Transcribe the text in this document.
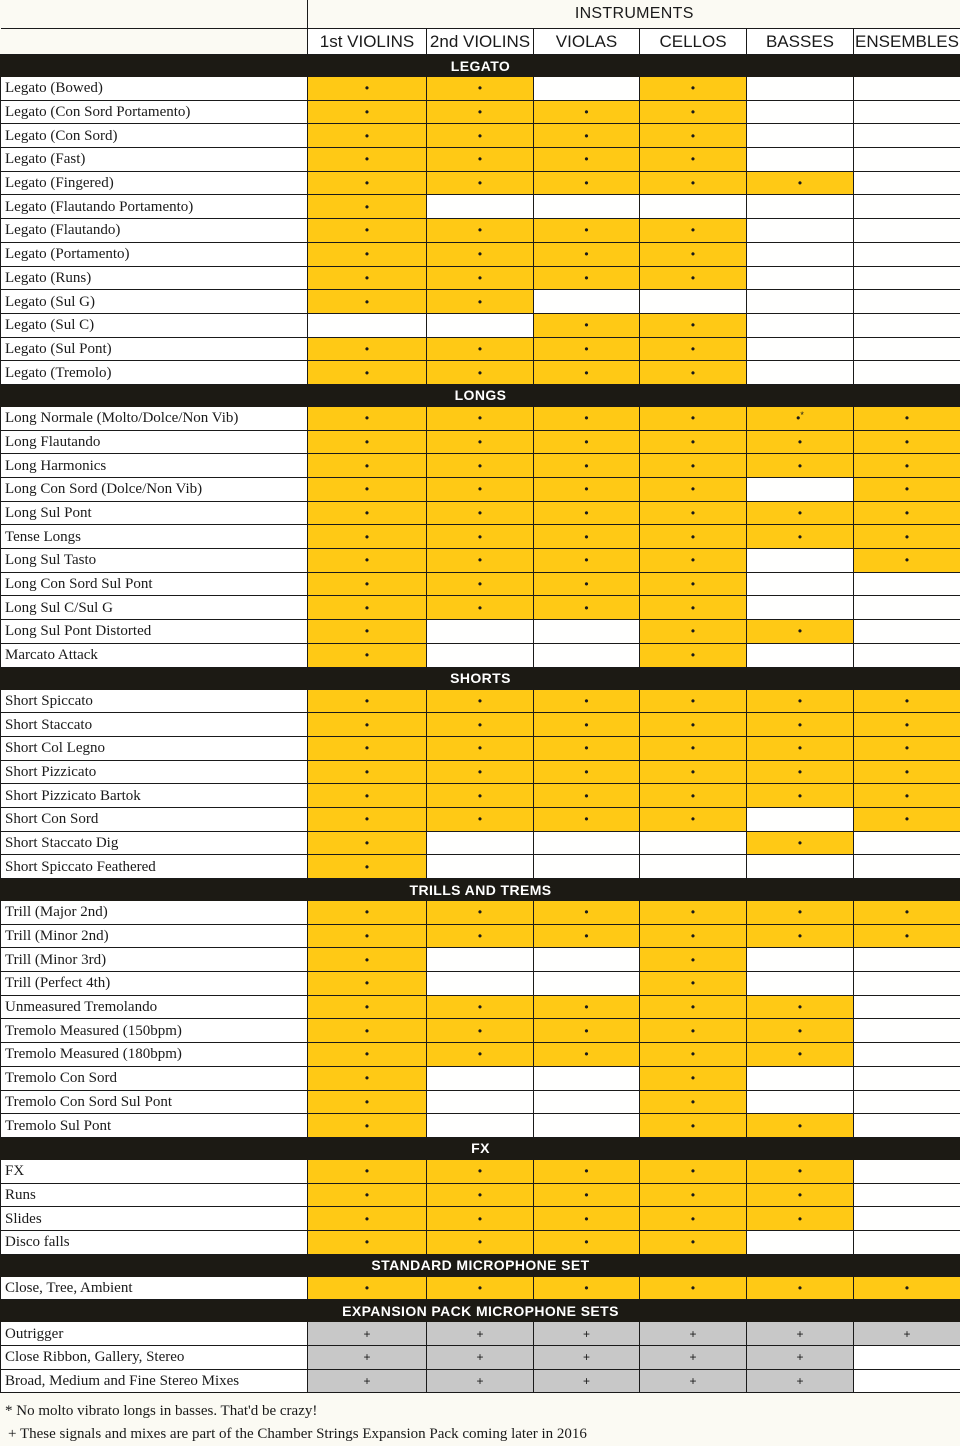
	INSTRUMENTS					
	1st VIOLINS	2nd VIOLINS	VIOLAS	CELLOS	BASSES	ENSEMBLES
LEGATO						
Legato (Bowed)	•	•		•		
Legato (Con Sord Portamento)	•	•	•	•		
Legato (Con Sord)	•	•	•	•		
Legato (Fast)	•	•	•	•		
Legato (Fingered)	•	•	•	•	•	
Legato (Flautando Portamento)	•					
Legato (Flautando)	•	•	•	•		
Legato (Portamento)	•	•	•	•		
Legato (Runs)	•	•	•	•		
Legato (Sul G)	•	•				
Legato (Sul C)			•	•		
Legato (Sul Pont)	•	•	•	•		
Legato (Tremolo)	•	•	•	•		
LONGS						
Long Normale (Molto/Dolce/Non Vib)	•	•	•	•	•*	•
Long Flautando	•	•	•	•	•	•
Long Harmonics	•	•	•	•	•	•
Long Con Sord (Dolce/Non Vib)	•	•	•	•		•
Long Sul Pont	•	•	•	•	•	•
Tense Longs	•	•	•	•	•	•
Long Sul Tasto	•	•	•	•		•
Long Con Sord Sul Pont	•	•	•	•		
Long Sul C/Sul G	•	•	•	•		
Long Sul Pont Distorted	•			•	•	
Marcato Attack	•			•		
SHORTS						
Short Spiccato	•	•	•	•	•	•
Short Staccato	•	•	•	•	•	•
Short Col Legno	•	•	•	•	•	•
Short Pizzicato	•	•	•	•	•	•
Short Pizzicato Bartok	•	•	•	•	•	•
Short Con Sord	•	•	•	•		•
Short Staccato Dig	•				•	
Short Spiccato Feathered	•					
TRILLS AND TREMS						
Trill (Major 2nd)	•	•	•	•	•	•
Trill (Minor 2nd)	•	•	•	•	•	•
Trill (Minor 3rd)	•			•		
Trill (Perfect 4th)	•			•		
Unmeasured Tremolando	•	•	•	•	•	
Tremolo Measured (150bpm)	•	•	•	•	•	
Tremolo Measured (180bpm)	•	•	•	•	•	
Tremolo Con Sord	•			•		
Tremolo Con Sord Sul Pont	•			•		
Tremolo Sul Pont	•			•	•	
FX						
FX	•	•	•	•	•	
Runs	•	•	•	•	•	
Slides	•	•	•	•	•	
Disco falls	•	•	•	•		
STANDARD MICROPHONE SET						
Close, Tree, Ambient	•	•	•	•	•	•
EXPANSION PACK MICROPHONE SETS						
Outrigger	+	+	+	+	+	+
Close Ribbon, Gallery, Stereo	+	+	+	+	+	
Broad, Medium and Fine Stereo Mixes	+	+	+	+	+	
* No molto vibrato longs in basses. That'd be crazy!
+ These signals and mixes are part of the Chamber Strings Expansion Pack coming later in 2016
